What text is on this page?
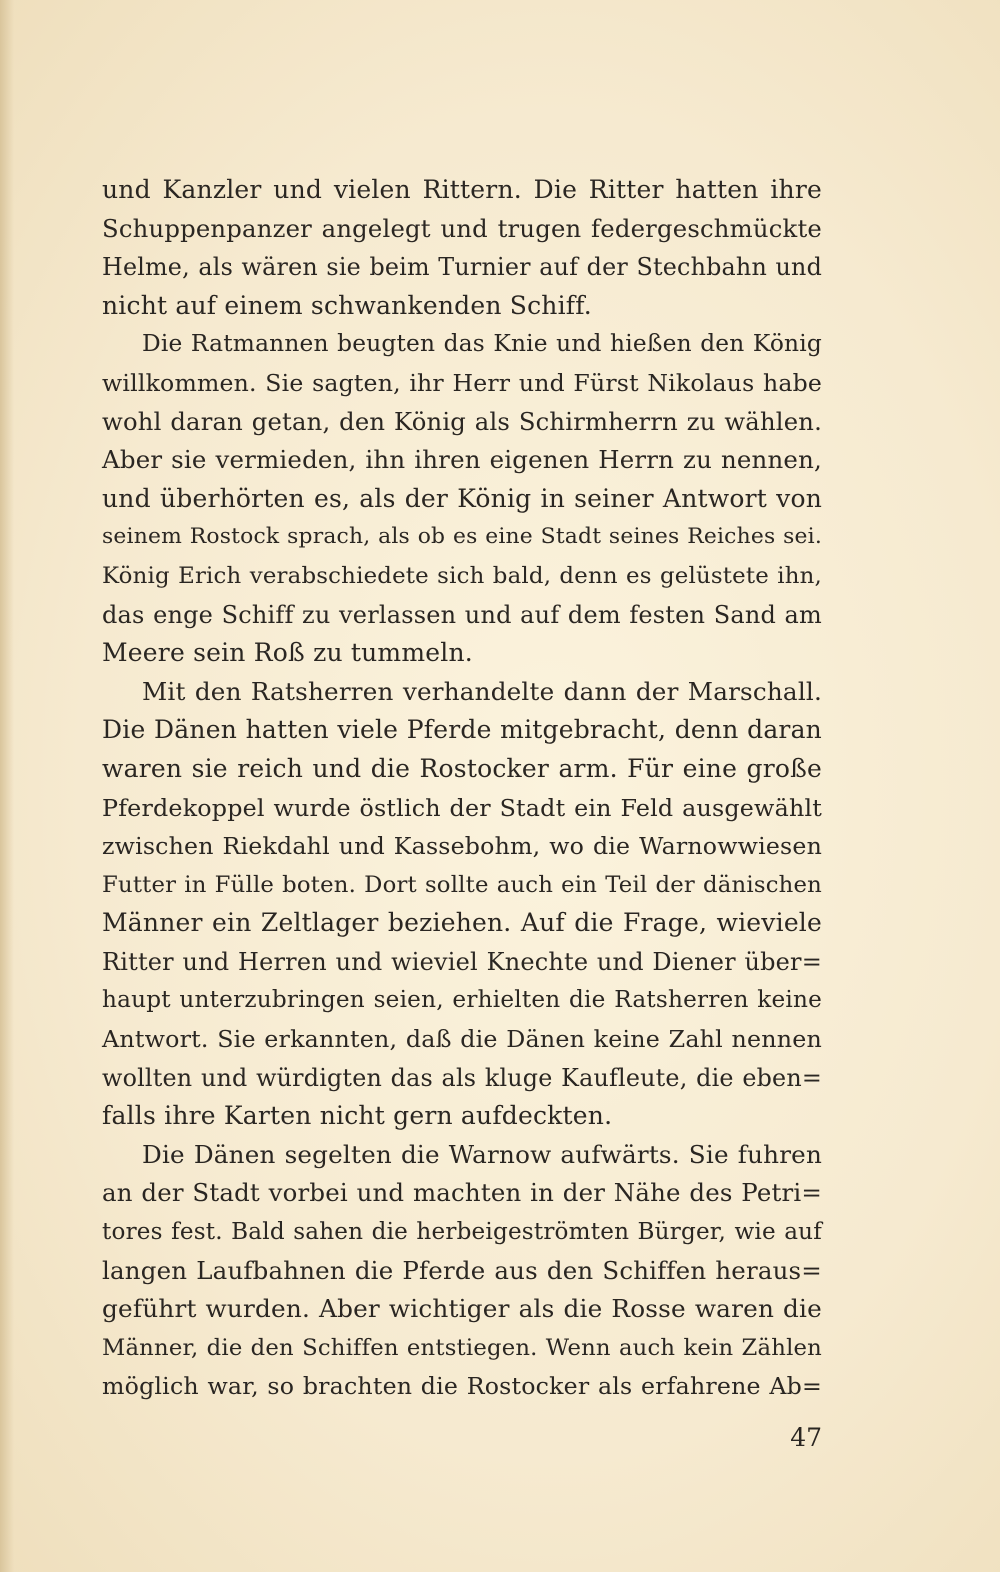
und Kanzler und vielen Rittern. Die Ritter hatten ihre
Schuppenpanzer angelegt und trugen federgeschmückte
Helme, als wären sie beim Turnier auf der Stechbahn und
nicht auf einem schwankenden Schiff.
Die Ratmannen beugten das Knie und hießen den König
willkommen. Sie sagten, ihr Herr und Fürst Nikolaus habe
wohl daran getan, den König als Schirmherrn zu wählen.
Aber sie vermieden, ihn ihren eigenen Herrn zu nennen,
und überhörten es, als der König in seiner Antwort von
seinem Rostock sprach, als ob es eine Stadt seines Reiches sei.
König Erich verabschiedete sich bald, denn es gelüstete ihn,
das enge Schiff zu verlassen und auf dem festen Sand am
Meere sein Roß zu tummeln.
Mit den Ratsherren verhandelte dann der Marschall.
Die Dänen hatten viele Pferde mitgebracht, denn daran
waren sie reich und die Rostocker arm. Für eine große
Pferdekoppel wurde östlich der Stadt ein Feld ausgewählt
zwischen Riekdahl und Kassebohm, wo die Warnowwiesen
Futter in Fülle boten. Dort sollte auch ein Teil der dänischen
Männer ein Zeltlager beziehen. Auf die Frage, wieviele
Ritter und Herren und wieviel Knechte und Diener über=
haupt unterzubringen seien, erhielten die Ratsherren keine
Antwort. Sie erkannten, daß die Dänen keine Zahl nennen
wollten und würdigten das als kluge Kaufleute, die eben=
falls ihre Karten nicht gern aufdeckten.
Die Dänen segelten die Warnow aufwärts. Sie fuhren
an der Stadt vorbei und machten in der Nähe des Petri=
tores fest. Bald sahen die herbeigeströmten Bürger, wie auf
langen Laufbahnen die Pferde aus den Schiffen heraus=
geführt wurden. Aber wichtiger als die Rosse waren die
Männer, die den Schiffen entstiegen. Wenn auch kein Zählen
möglich war, so brachten die Rostocker als erfahrene Ab=
47
